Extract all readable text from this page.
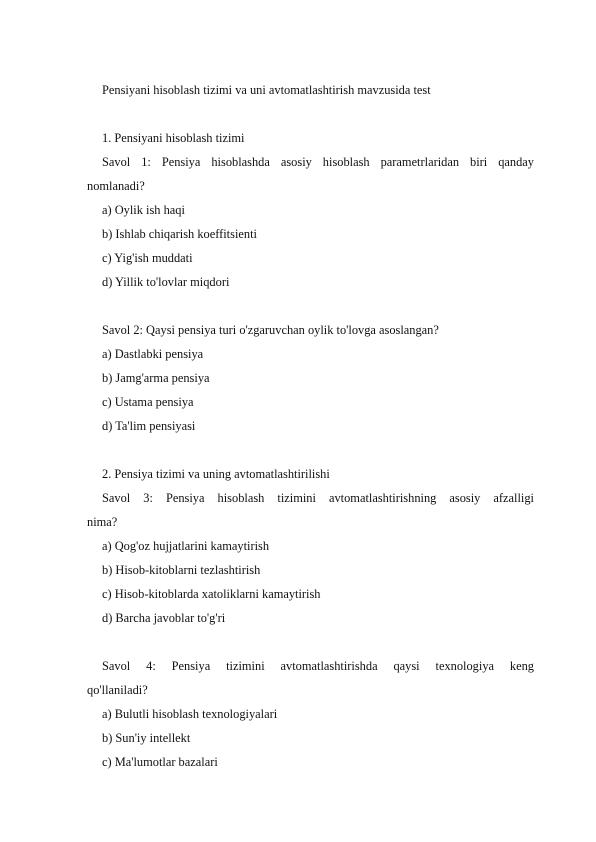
Pensiyani hisoblash tizimi va uni avtomatlashtirish mavzusida test
1. Pensiyani hisoblash tizimi
Savol 1: Pensiya hisoblashda asosiy hisoblash parametrlaridan biri qanday
nomlanadi?
a) Oylik ish haqi
b) Ishlab chiqarish koeffitsienti
c) Yig'ish muddati
d) Yillik to'lovlar miqdori
Savol 2: Qaysi pensiya turi o'zgaruvchan oylik to'lovga asoslangan?
a) Dastlabki pensiya
b) Jamg'arma pensiya
c) Ustama pensiya
d) Ta'lim pensiyasi
2. Pensiya tizimi va uning avtomatlashtirilishi
Savol 3: Pensiya hisoblash tizimini avtomatlashtirishning asosiy afzalligi
nima?
a) Qog'oz hujjatlarini kamaytirish
b) Hisob-kitoblarni tezlashtirish
c) Hisob-kitoblarda xatoliklarni kamaytirish
d) Barcha javoblar to'g'ri
Savol 4: Pensiya tizimini avtomatlashtirishda qaysi texnologiya keng
qo'llaniladi?
a) Bulutli hisoblash texnologiyalari
b) Sun'iy intellekt
c) Ma'lumotlar bazalari
